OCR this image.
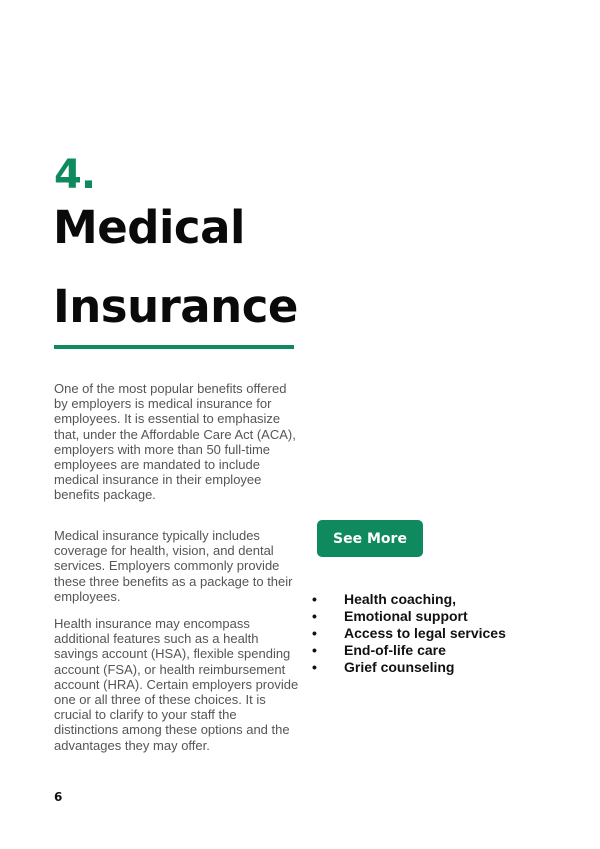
4.
Medical
Insurance
One of the most popular benefits offered by employers is medical insurance for employees. It is essential to emphasize that, under the Affordable Care Act (ACA), employers with more than 50 full-time employees are mandated to include medical insurance in their employee benefits package.
Medical insurance typically includes coverage for health, vision, and dental services. Employers commonly provide these three benefits as a package to their employees.
Health insurance may encompass additional features such as a health savings account (HSA), flexible spending account (FSA), or health reimbursement account (HRA). Certain employers provide one or all three of these choices. It is crucial to clarify to your staff the distinctions among these options and the advantages they may offer.
See More
•	Health coaching,
•	Emotional support
•	Access to legal services
•	End-of-life care
•	Grief counseling
6
